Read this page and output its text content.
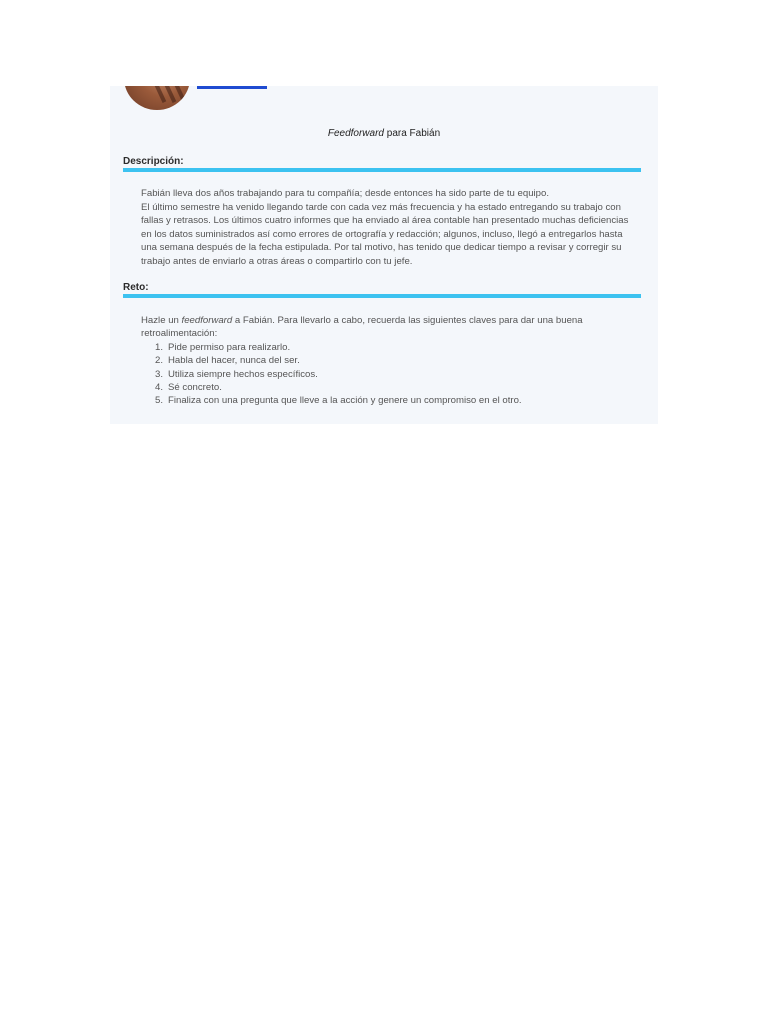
Feedforward para Fabián
Descripción:

Fabián lleva dos años trabajando para tu compañía; desde entonces ha sido parte de tu equipo.

El último semestre ha venido llegando tarde con cada vez más frecuencia y ha estado entregando su trabajo con fallas y retrasos. Los últimos cuatro informes que ha enviado al área contable han presentado muchas deficiencias en los datos suministrados así como errores de ortografía y redacción; algunos, incluso, llegó a entregarlos hasta una semana después de la fecha estipulada. Por tal motivo, has tenido que dedicar tiempo a revisar y corregir su trabajo antes de enviarlo a otras áreas o compartirlo con tu jefe.

Reto:

Hazle un feedforward a Fabián. Para llevarlo a cabo, recuerda las siguientes claves para dar una buena retroalimentación:

1. Pide permiso para realizarlo.
2. Habla del hacer, nunca del ser.
3. Utiliza siempre hechos específicos.
4. Sé concreto.
5. Finaliza con una pregunta que lleve a la acción y genere un compromiso en el otro.
